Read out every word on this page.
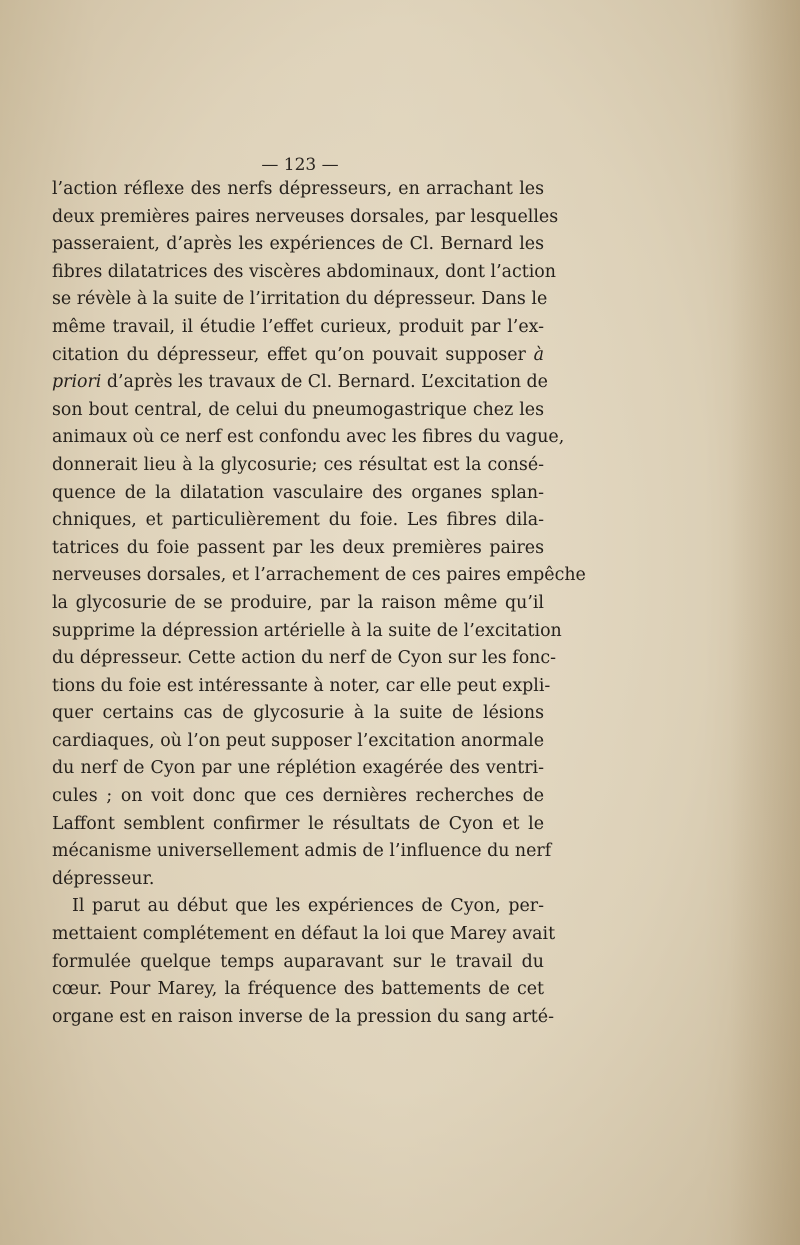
— 123 —
l’action réflexe des nerfs dépresseurs, en arrachant les
deux premières paires nerveuses dorsales, par lesquelles
passeraient, d’après les expériences de Cl. Bernard les
fibres dilatatrices des viscères abdominaux, dont l’action
se révèle à la suite de l’irritation du dépresseur. Dans le
même travail, il étudie l’effet curieux, produit par l’ex-
citation du dépresseur, effet qu’on pouvait supposer à
priori d’après les travaux de Cl. Bernard. L’excitation de
son bout central, de celui du pneumogastrique chez les
animaux où ce nerf est confondu avec les fibres du vague,
donnerait lieu à la glycosurie; ces résultat est la consé-
quence de la dilatation vasculaire des organes splan-
chniques, et particulièrement du foie. Les fibres dila-
tatrices du foie passent par les deux premières paires
nerveuses dorsales, et l’arrachement de ces paires empêche
la glycosurie de se produire, par la raison même qu’il
supprime la dépression artérielle à la suite de l’excitation
du dépresseur. Cette action du nerf de Cyon sur les fonc-
tions du foie est intéressante à noter, car elle peut expli-
quer certains cas de glycosurie à la suite de lésions
cardiaques, où l’on peut supposer l’excitation anormale
du nerf de Cyon par une réplétion exagérée des ventri-
cules ; on voit donc que ces dernières recherches de
Laffont semblent confirmer le résultats de Cyon et le
mécanisme universellement admis de l’influence du nerf
dépresseur.
Il parut au début que les expériences de Cyon, per-
mettaient complétement en défaut la loi que Marey avait
formulée quelque temps auparavant sur le travail du
cœur. Pour Marey, la fréquence des battements de cet
organe est en raison inverse de la pression du sang arté-
